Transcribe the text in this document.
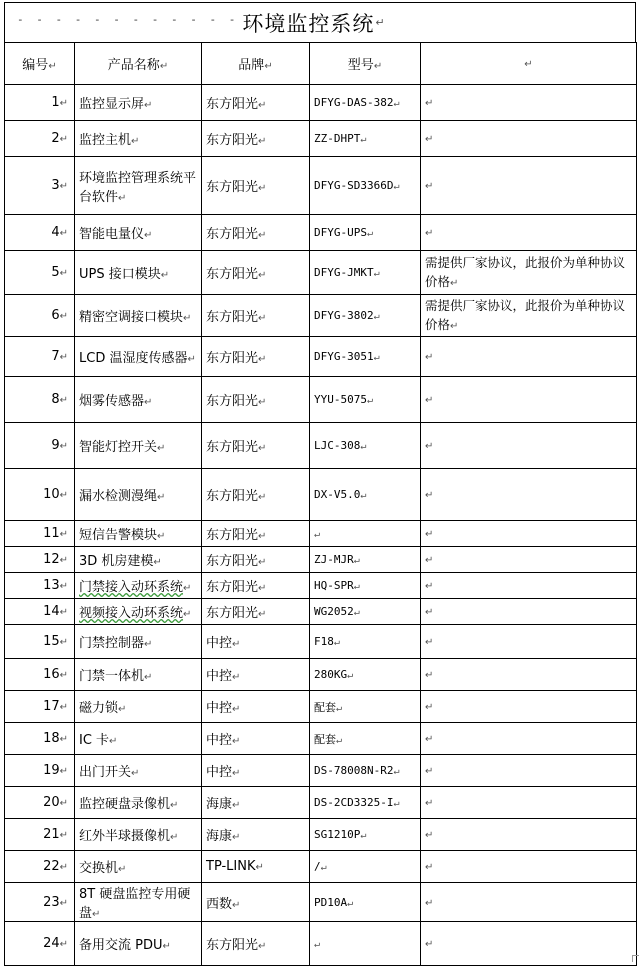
- - - - - - - - - - - - 环境监控系统 ↵
编号↵	产品名称↵	品牌↵	型号↵	↵
1↵	监控显示屏↵	东方阳光↵	DFYG-DAS-382↵	↵
2↵	监控主机↵	东方阳光↵	ZZ-DHPT↵	↵
3↵	环境监控管理系统平台软件↵	东方阳光↵	DFYG-SD3366D↵	↵
4↵	智能电量仪↵	东方阳光↵	DFYG-UPS↵	↵
5↵	UPS 接口模块↵	东方阳光↵	DFYG-JMKT↵	需提供厂家协议，此报价为单种协议价格↵
6↵	精密空调接口模块↵	东方阳光↵	DFYG-3802↵	需提供厂家协议，此报价为单种协议价格↵
7↵	LCD 温湿度传感器↵	东方阳光↵	DFYG-3051↵	↵
8↵	烟雾传感器↵	东方阳光↵	YYU-5075↵	↵
9↵	智能灯控开关↵	东方阳光↵	LJC-308↵	↵
10↵	漏水检测漫绳↵	东方阳光↵	DX-V5.0↵	↵
11↵	短信告警模块↵	东方阳光↵	↵	↵
12↵	3D 机房建模↵	东方阳光↵	ZJ-MJR↵	↵
13↵	门禁接入动环系统↵	东方阳光↵	HQ-SPR↵	↵
14↵	视频接入动环系统↵	东方阳光↵	WG2052↵	↵
15↵	门禁控制器↵	中控↵	F18↵	↵
16↵	门禁一体机↵	中控↵	280KG↵	↵
17↵	磁力锁↵	中控↵	配套↵	↵
18↵	IC 卡↵	中控↵	配套↵	↵
19↵	出门开关↵	中控↵	DS-78008N-R2↵	↵
20↵	监控硬盘录像机↵	海康↵	DS-2CD3325-I↵	↵
21↵	红外半球摄像机↵	海康↵	SG1210P↵	↵
22↵	交换机↵	TP-LINK↵	/↵	↵
23↵	8T 硬盘监控专用硬盘↵	西数↵	PD10A↵	↵
24↵	备用交流 PDU↵	东方阳光↵	↵	↵
